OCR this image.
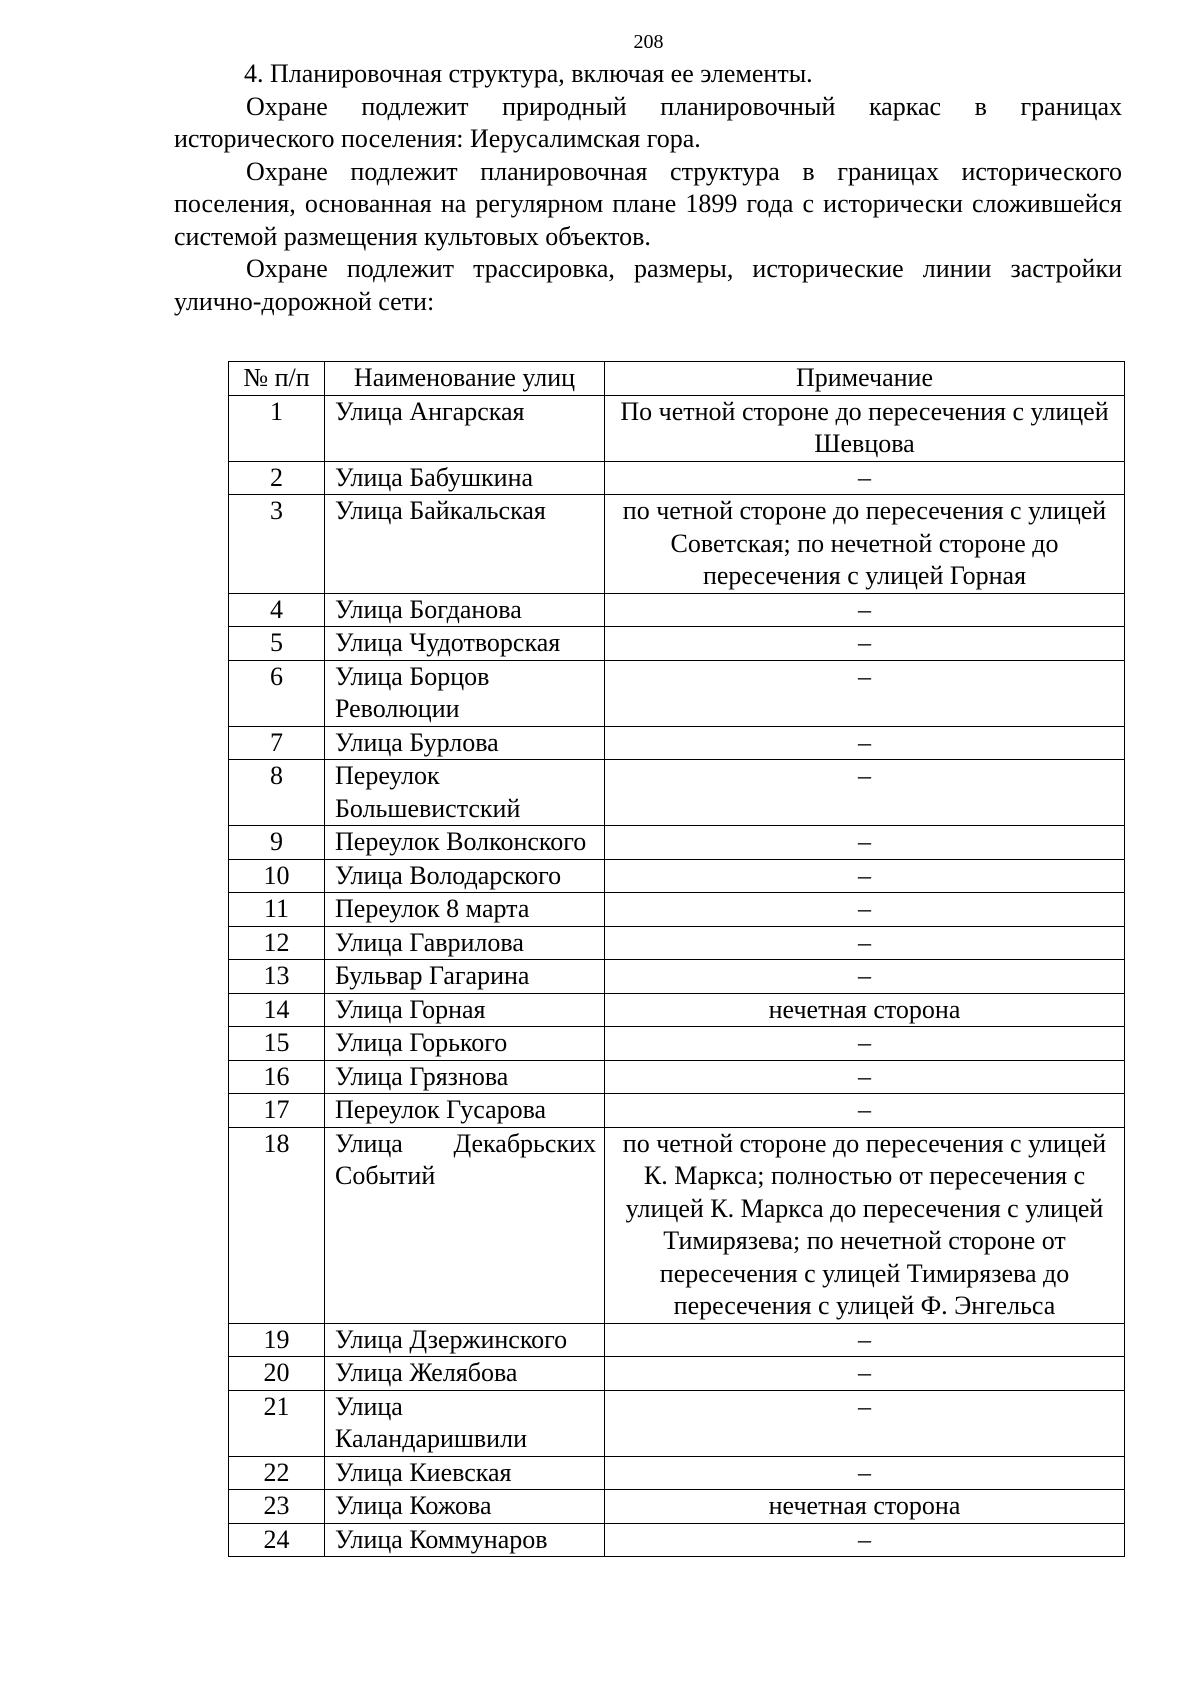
208

4. Планировочная структура, включая ее элементы.

Охране подлежит природный планировочный каркас в границах исторического поселения: Иерусалимская гора.

Охране подлежит планировочная структура в границах исторического поселения, основанная на регулярном плане 1899 года с исторически сложившейся системой размещения культовых объектов.

Охране подлежит трассировка, размеры, исторические линии застройки улично-дорожной сети:

№ п/п	Наименование улиц	Примечание
1	Улица Ангарская	По четной стороне до пересечения с улицей Шевцова
2	Улица Бабушкина	–
3	Улица Байкальская	по четной стороне до пересечения с улицей Советская; по нечетной стороне до пересечения с улицей Горная
4	Улица Богданова	–
5	Улица Чудотворская	–
6	Улица Борцов Революции	–
7	Улица Бурлова	–
8	Переулок Большевистский	–
9	Переулок Волконского	–
10	Улица Володарского	–
11	Переулок 8 марта	–
12	Улица Гаврилова	–
13	Бульвар Гагарина	–
14	Улица Горная	нечетная сторона
15	Улица Горького	–
16	Улица Грязнова	–
17	Переулок Гусарова	–
18	Улица Декабрьских Событий	по четной стороне до пересечения с улицей К. Маркса; полностью от пересечения с улицей К. Маркса до пересечения с улицей Тимирязева; по нечетной стороне от пересечения с улицей Тимирязева до пересечения с улицей Ф. Энгельса
19	Улица Дзержинского	–
20	Улица Желябова	–
21	Улица Каландаришвили	–
22	Улица Киевская	–
23	Улица Кожова	нечетная сторона
24	Улица Коммунаров	–
